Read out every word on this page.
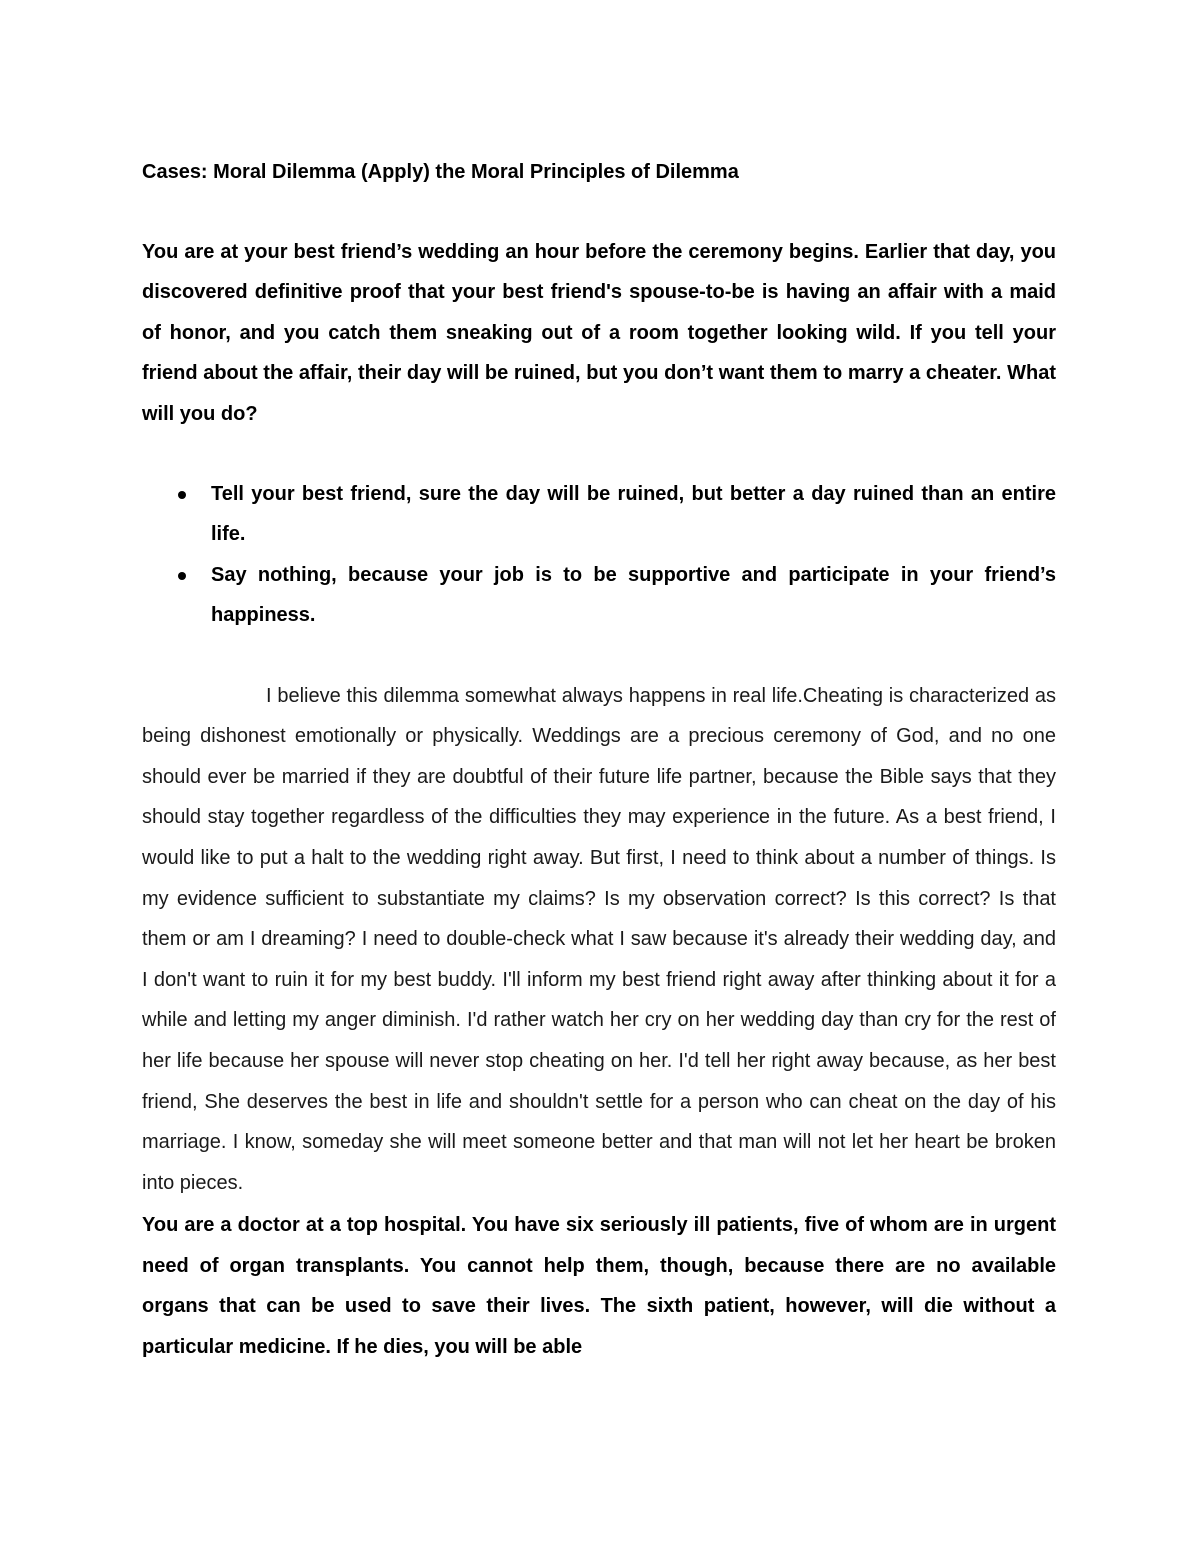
Cases: Moral Dilemma (Apply) the Moral Principles of Dilemma

You are at your best friend’s wedding an hour before the ceremony begins. Earlier that day, you discovered definitive proof that your best friend's spouse-to-be is having an affair with a maid of honor, and you catch them sneaking out of a room together looking wild. If you tell your friend about the affair, their day will be ruined, but you don’t want them to marry a cheater. What will you do?

Tell your best friend, sure the day will be ruined, but better a day ruined than an entire life.
Say nothing, because your job is to be supportive and participate in your friend’s happiness.

I believe this dilemma somewhat always happens in real life.Cheating is characterized as being dishonest emotionally or physically. Weddings are a precious ceremony of God, and no one should ever be married if they are doubtful of their future life partner, because the Bible says that they should stay together regardless of the difficulties they may experience in the future. As a best friend, I would like to put a halt to the wedding right away. But first, I need to think about a number of things. Is my evidence sufficient to substantiate my claims? Is my observation correct? Is this correct? Is that them or am I dreaming? I need to double-check what I saw because it's already their wedding day, and I don't want to ruin it for my best buddy. I'll inform my best friend right away after thinking about it for a while and letting my anger diminish. I'd rather watch her cry on her wedding day than cry for the rest of her life because her spouse will never stop cheating on her. I'd tell her right away because, as her best friend, She deserves the best in life and shouldn't settle for a person who can cheat on the day of his marriage. I know, someday she will meet someone better and that man will not let her heart be broken into pieces.

You are a doctor at a top hospital. You have six seriously ill patients, five of whom are in urgent need of organ transplants. You cannot help them, though, because there are no available organs that can be used to save their lives. The sixth patient, however, will die without a particular medicine. If he dies, you will be able
